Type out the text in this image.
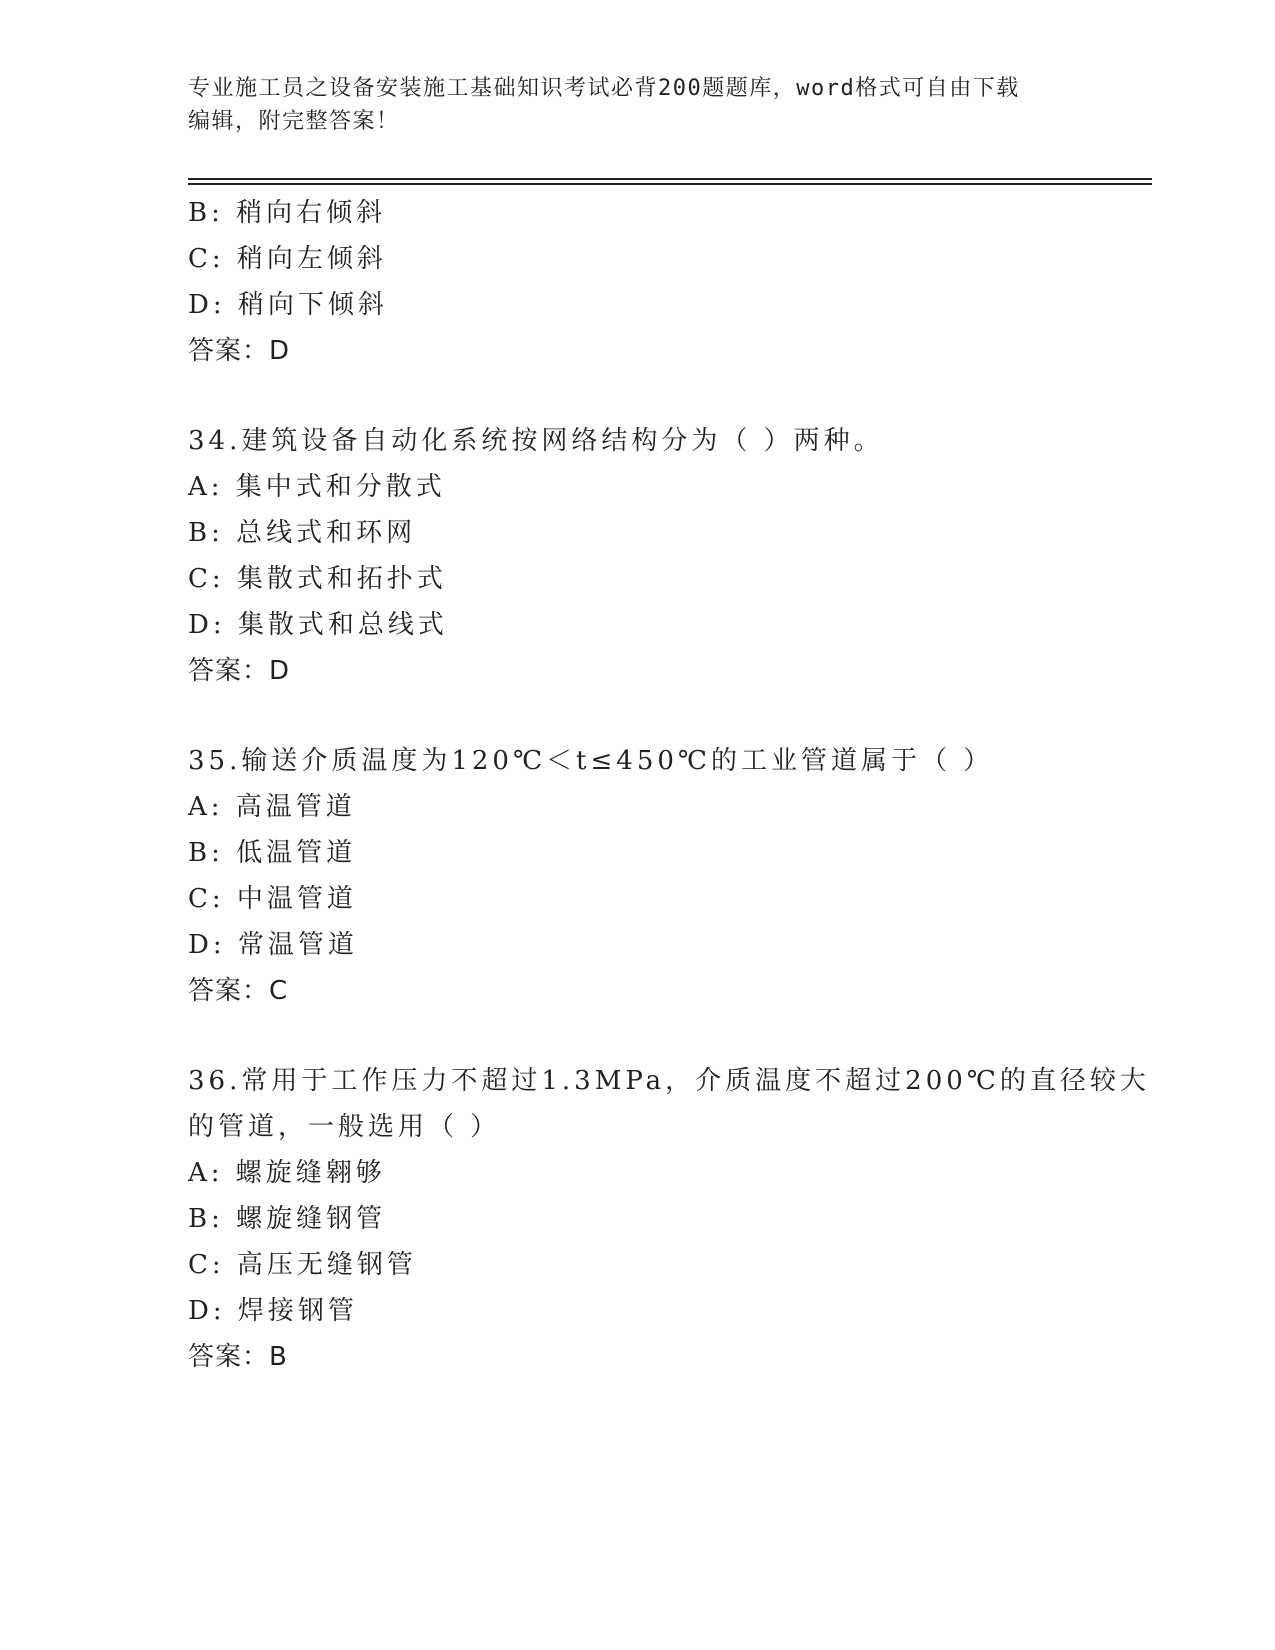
专业施工员之设备安装施工基础知识考试必背200题题库，word格式可自由下载
编辑，附完整答案！
B: 稍向右倾斜
C: 稍向左倾斜
D: 稍向下倾斜
答案：D
34.建筑设备自动化系统按网络结构分为（ ）两种。
A: 集中式和分散式
B: 总线式和环网
C: 集散式和拓扑式
D: 集散式和总线式
答案：D
35.输送介质温度为120℃＜t≤450℃的工业管道属于（ ）
A: 高温管道
B: 低温管道
C: 中温管道
D: 常温管道
答案：C
36.常用于工作压力不超过1.3MPa，介质温度不超过200℃的直径较大
的管道，一般选用（ ）
A: 螺旋缝翱够
B: 螺旋缝钢管
C: 高压无缝钢管
D: 焊接钢管
答案：B
